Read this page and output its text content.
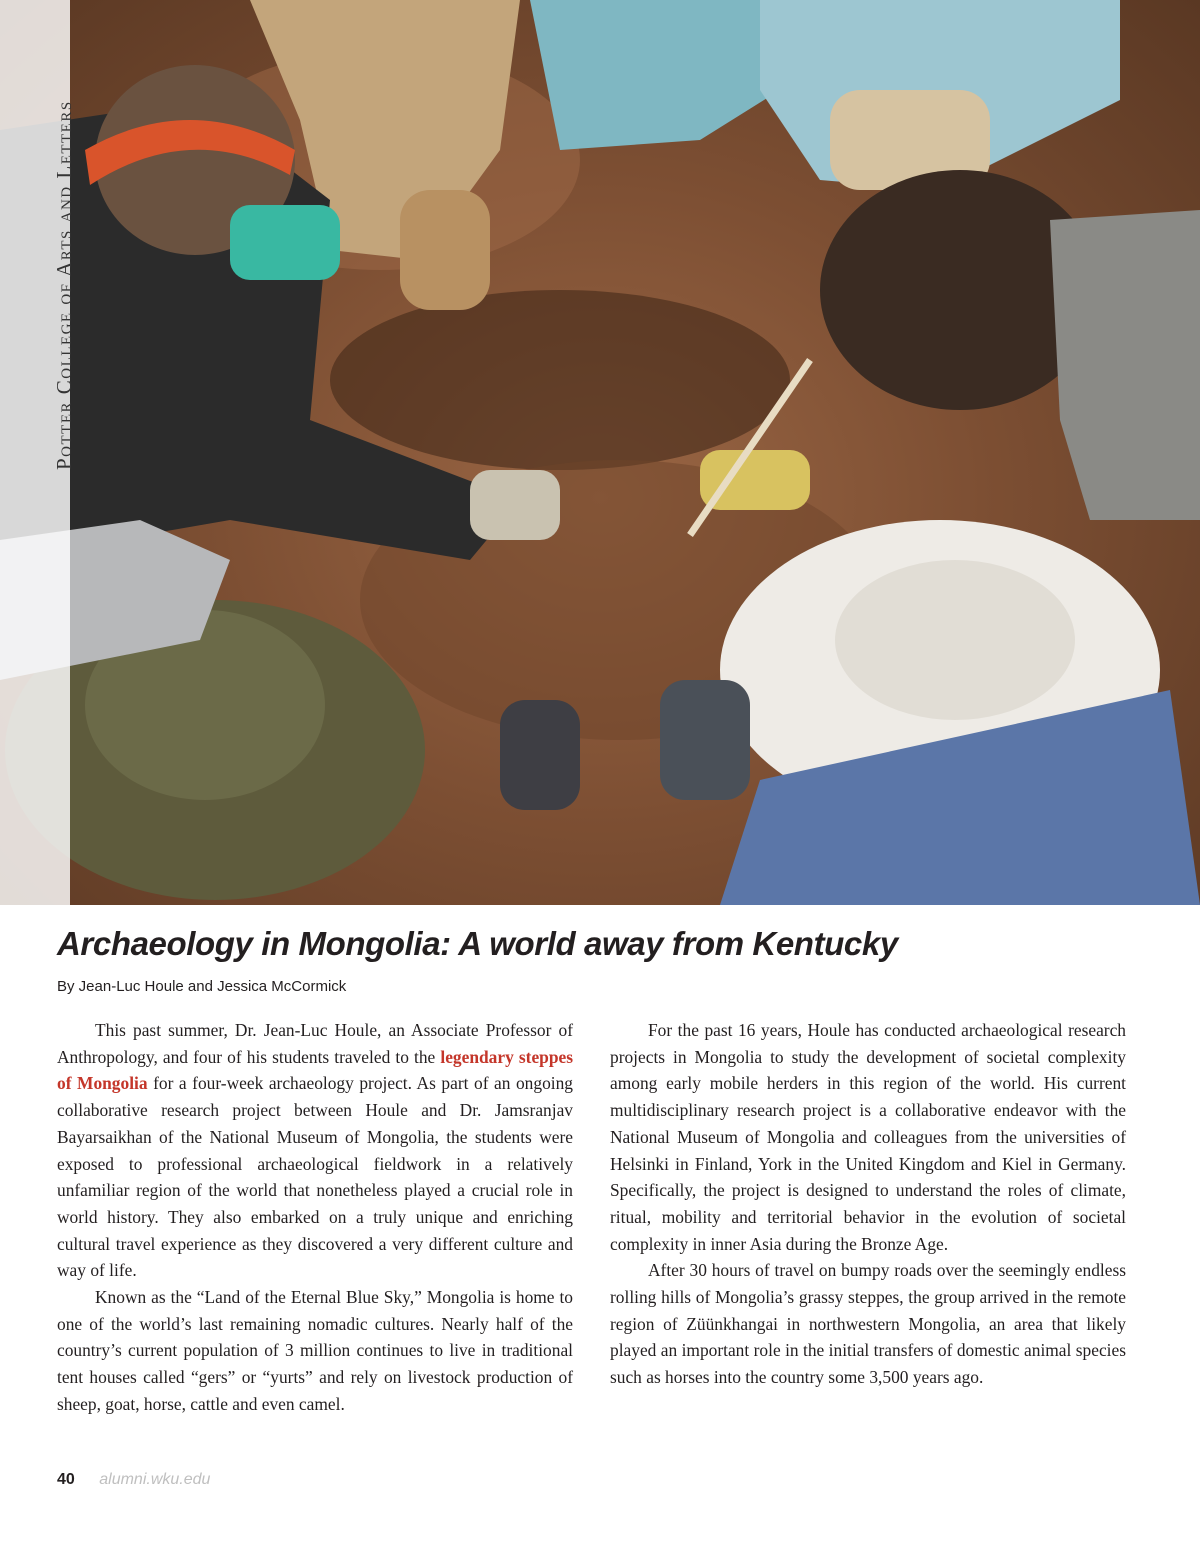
Potter College of Arts and Letters
Archaeology in Mongolia: A world away from Kentucky
By Jean-Luc Houle and Jessica McCormick

This past summer, Dr. Jean-Luc Houle, an Associate Professor of Anthropology, and four of his students traveled to the legendary steppes of Mongolia for a four-week archaeology project. As part of an ongoing collaborative research project between Houle and Dr. Jamsranjav Bayarsaikhan of the National Museum of Mongolia, the students were exposed to professional archaeological fieldwork in a relatively unfamiliar region of the world that nonetheless played a crucial role in world history. They also embarked on a truly unique and enriching cultural travel experience as they discovered a very different culture and way of life.

Known as the “Land of the Eternal Blue Sky,” Mongolia is home to one of the world’s last remaining nomadic cultures. Nearly half of the country’s current population of 3 million continues to live in traditional tent houses called “gers” or “yurts” and rely on livestock production of sheep, goat, horse, cattle and even camel.

For the past 16 years, Houle has conducted archaeological research projects in Mongolia to study the development of societal complexity among early mobile herders in this region of the world. His current multidisciplinary research project is a collaborative endeavor with the National Museum of Mongolia and colleagues from the universities of Helsinki in Finland, York in the United Kingdom and Kiel in Germany. Specifically, the project is designed to understand the roles of climate, ritual, mobility and territorial behavior in the evolution of societal complexity in inner Asia during the Bronze Age.

After 30 hours of travel on bumpy roads over the seemingly endless rolling hills of Mongolia’s grassy steppes, the group arrived in the remote region of Züünkhangai in northwestern Mongolia, an area that likely played an important role in the initial transfers of domestic animal species such as horses into the country some 3,500 years ago.

40 alumni.wku.edu
